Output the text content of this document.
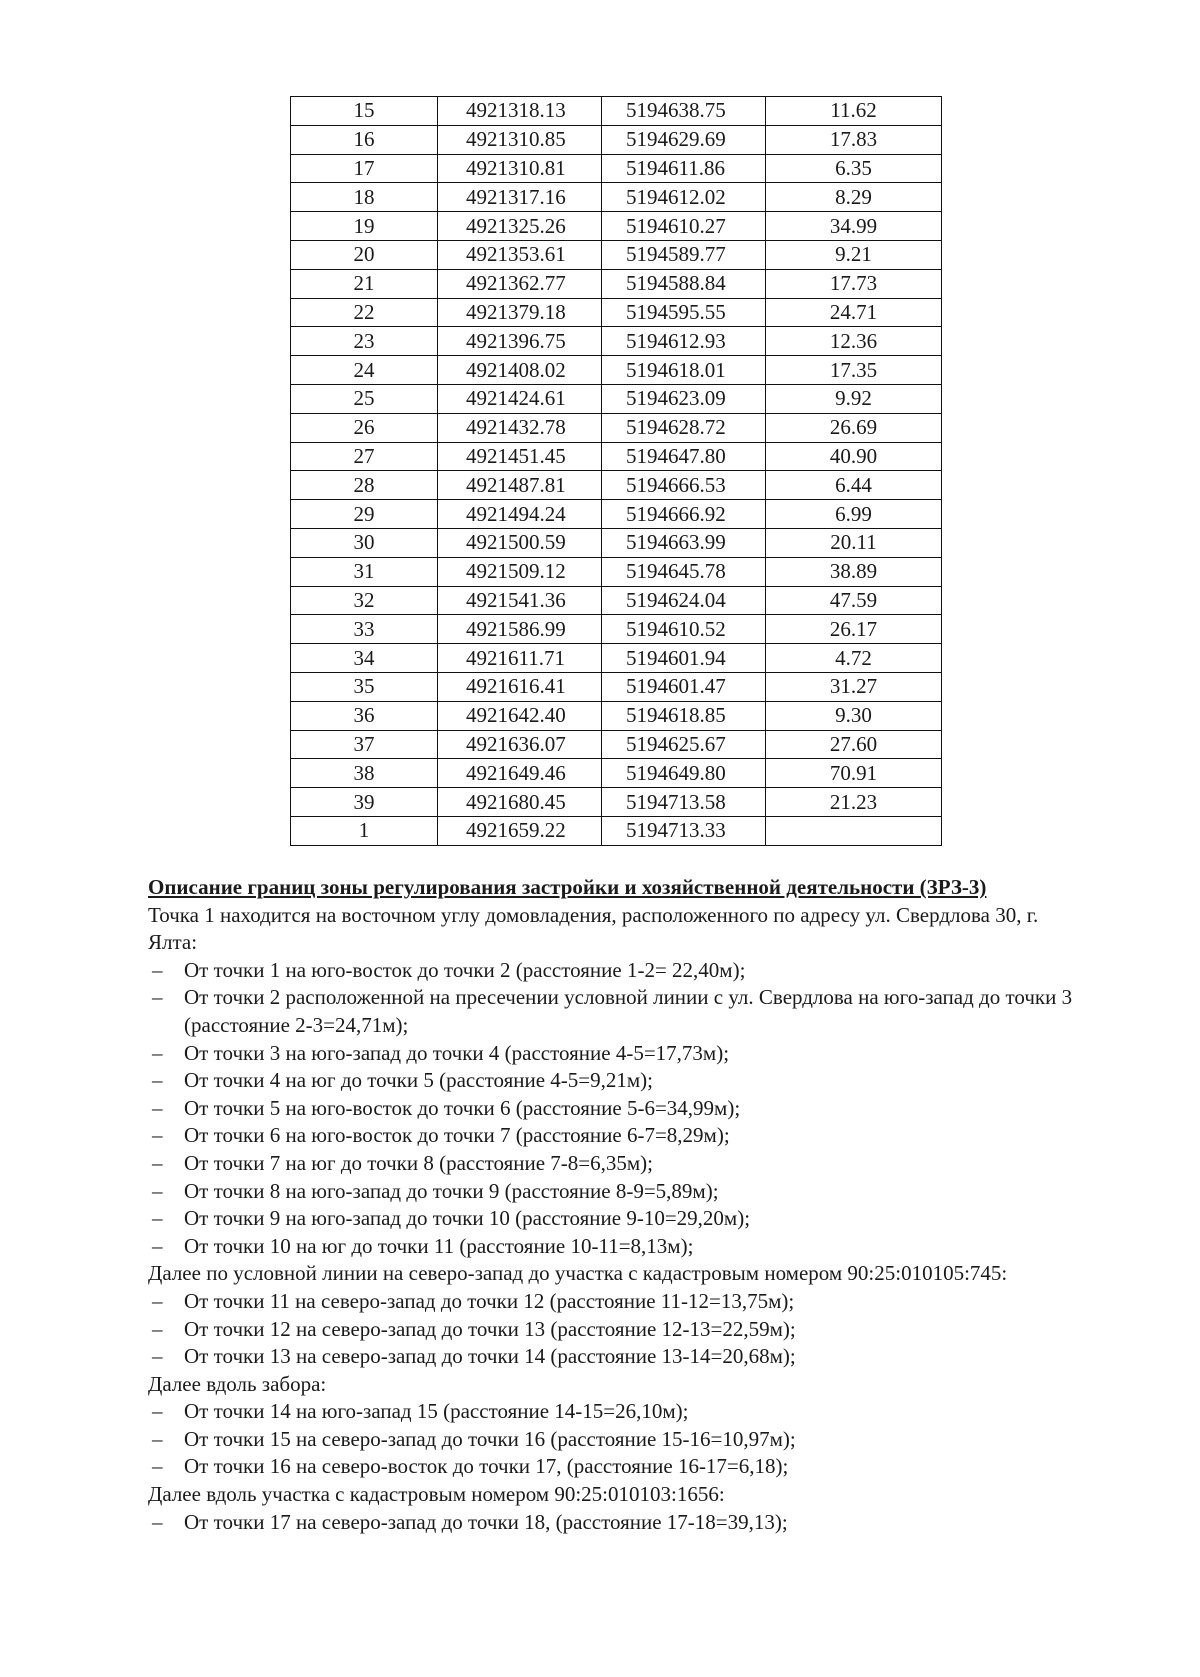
15	4921318.13	5194638.75	11.62
16	4921310.85	5194629.69	17.83
17	4921310.81	5194611.86	6.35
18	4921317.16	5194612.02	8.29
19	4921325.26	5194610.27	34.99
20	4921353.61	5194589.77	9.21
21	4921362.77	5194588.84	17.73
22	4921379.18	5194595.55	24.71
23	4921396.75	5194612.93	12.36
24	4921408.02	5194618.01	17.35
25	4921424.61	5194623.09	9.92
26	4921432.78	5194628.72	26.69
27	4921451.45	5194647.80	40.90
28	4921487.81	5194666.53	6.44
29	4921494.24	5194666.92	6.99
30	4921500.59	5194663.99	20.11
31	4921509.12	5194645.78	38.89
32	4921541.36	5194624.04	47.59
33	4921586.99	5194610.52	26.17
34	4921611.71	5194601.94	4.72
35	4921616.41	5194601.47	31.27
36	4921642.40	5194618.85	9.30
37	4921636.07	5194625.67	27.60
38	4921649.46	5194649.80	70.91
39	4921680.45	5194713.58	21.23
1	4921659.22	5194713.33	

Описание границ зоны регулирования застройки и хозяйственной деятельности (ЗРЗ-3)

Точка 1 находится на восточном углу домовладения, расположенного по адресу ул. Свердлова 30, г. Ялта:

– От точки 1 на юго-восток до точки 2 (расстояние 1-2= 22,40м);
– От точки 2 расположенной на пресечении условной линии с ул. Свердлова на юго-запад до точки 3 (расстояние 2-3=24,71м);
– От точки 3 на юго-запад до точки 4 (расстояние 4-5=17,73м);
– От точки 4 на юг до точки 5 (расстояние 4-5=9,21м);
– От точки 5 на юго-восток до точки 6 (расстояние 5-6=34,99м);
– От точки 6 на юго-восток до точки 7 (расстояние 6-7=8,29м);
– От точки 7 на юг до точки 8 (расстояние 7-8=6,35м);
– От точки 8 на юго-запад до точки 9 (расстояние 8-9=5,89м);
– От точки 9 на юго-запад до точки 10 (расстояние 9-10=29,20м);
– От точки 10 на юг до точки 11 (расстояние 10-11=8,13м);

Далее по условной линии на северо-запад до участка с кадастровым номером 90:25:010105:745:

– От точки 11 на северо-запад до точки 12 (расстояние 11-12=13,75м);
– От точки 12 на северо-запад до точки 13 (расстояние 12-13=22,59м);
– От точки 13 на северо-запад до точки 14 (расстояние 13-14=20,68м);

Далее вдоль забора:

– От точки 14 на юго-запад 15 (расстояние 14-15=26,10м);
– От точки 15 на северо-запад до точки 16 (расстояние 15-16=10,97м);
– От точки 16 на северо-восток до точки 17, (расстояние 16-17=6,18);

Далее вдоль участка с кадастровым номером 90:25:010103:1656:

– От точки 17 на северо-запад до точки 18, (расстояние 17-18=39,13);
